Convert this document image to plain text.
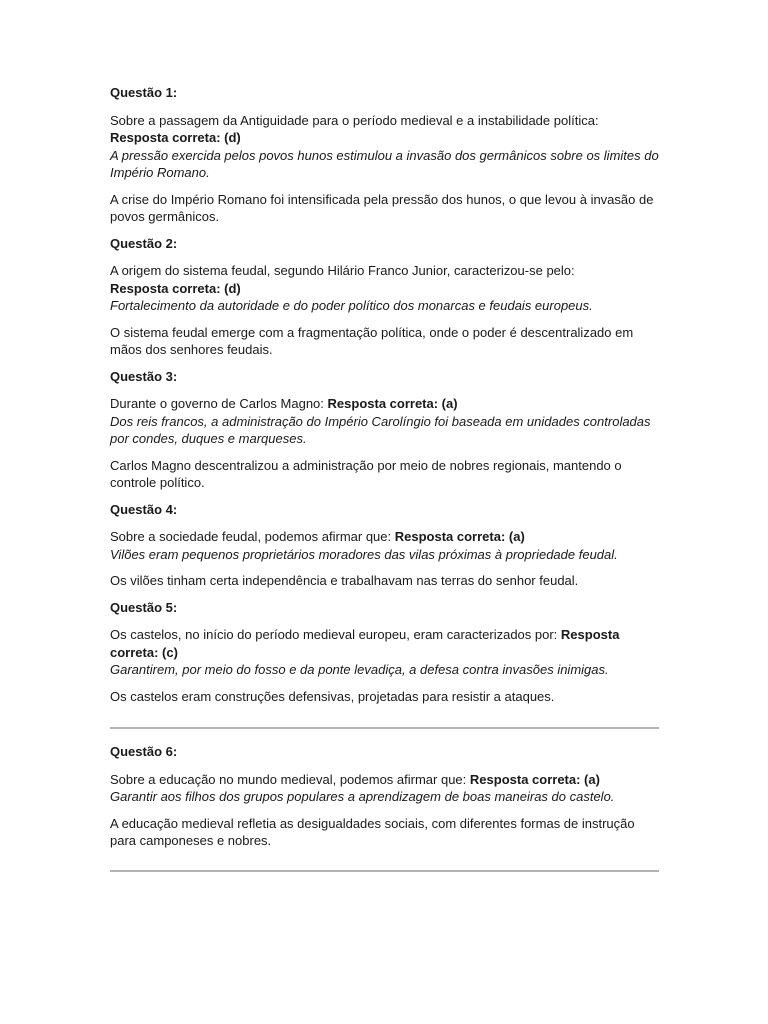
Questão 1:

Sobre a passagem da Antiguidade para o período medieval e a instabilidade política:
Resposta correta: (d)
A pressão exercida pelos povos hunos estimulou a invasão dos germânicos sobre os limites do Império Romano.

A crise do Império Romano foi intensificada pela pressão dos hunos, o que levou à invasão de povos germânicos.

Questão 2:

A origem do sistema feudal, segundo Hilário Franco Junior, caracterizou-se pelo:
Resposta correta: (d)
Fortalecimento da autoridade e do poder político dos monarcas e feudais europeus.

O sistema feudal emerge com a fragmentação política, onde o poder é descentralizado em mãos dos senhores feudais.

Questão 3:

Durante o governo de Carlos Magno: Resposta correta: (a)
Dos reis francos, a administração do Império Carolíngio foi baseada em unidades controladas por condes, duques e marqueses.

Carlos Magno descentralizou a administração por meio de nobres regionais, mantendo o controle político.

Questão 4:

Sobre a sociedade feudal, podemos afirmar que: Resposta correta: (a)
Vilões eram pequenos proprietários moradores das vilas próximas à propriedade feudal.

Os vilões tinham certa independência e trabalhavam nas terras do senhor feudal.

Questão 5:

Os castelos, no início do período medieval europeu, eram caracterizados por: Resposta correta: (c)
Garantirem, por meio do fosso e da ponte levadiça, a defesa contra invasões inimigas.

Os castelos eram construções defensivas, projetadas para resistir a ataques.

Questão 6:

Sobre a educação no mundo medieval, podemos afirmar que: Resposta correta: (a)
Garantir aos filhos dos grupos populares a aprendizagem de boas maneiras do castelo.

A educação medieval refletia as desigualdades sociais, com diferentes formas de instrução para camponeses e nobres.
